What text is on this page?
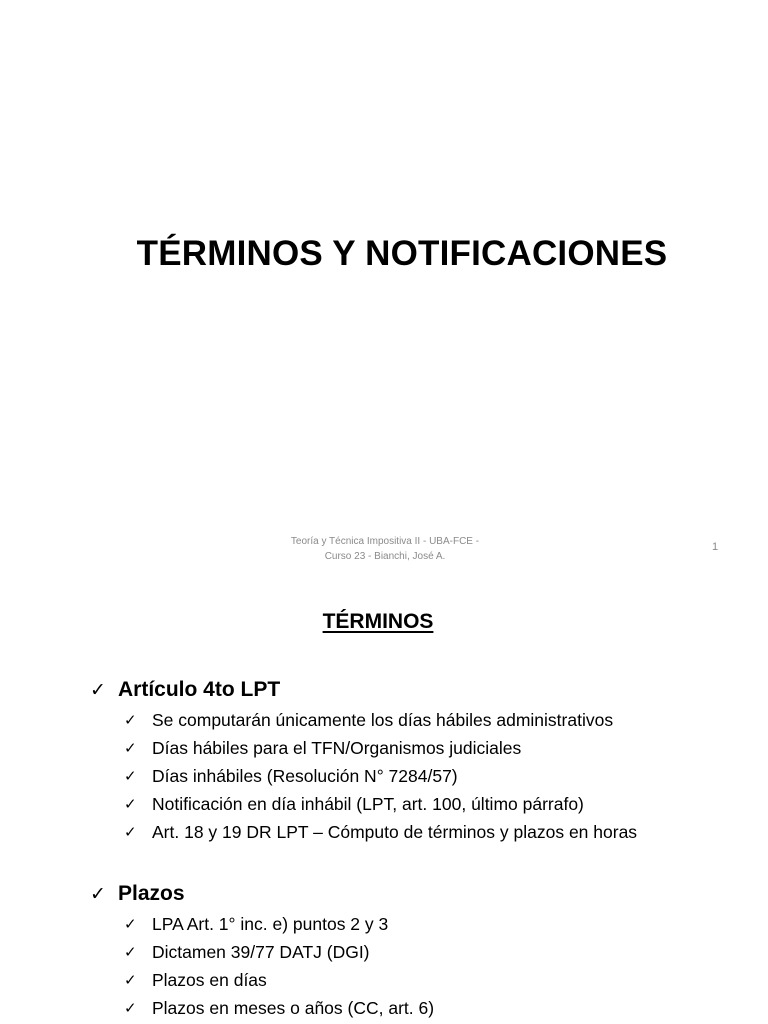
TÉRMINOS Y NOTIFICACIONES
Teoría y Técnica Impositiva II - UBA-FCE -
Curso 23 - Bianchi, José A.
1
TÉRMINOS
✓ Artículo 4to LPT
✓ Se computarán únicamente los días hábiles administrativos
✓ Días hábiles para el TFN/Organismos judiciales
✓ Días inhábiles (Resolución N° 7284/57)
✓ Notificación en día inhábil (LPT, art. 100, último párrafo)
✓ Art. 18 y 19 DR LPT – Cómputo de términos y plazos en horas
✓ Plazos
✓ LPA Art. 1° inc. e) puntos 2 y 3
✓ Dictamen 39/77 DATJ (DGI)
✓ Plazos en días
✓ Plazos en meses o años (CC, art. 6)
